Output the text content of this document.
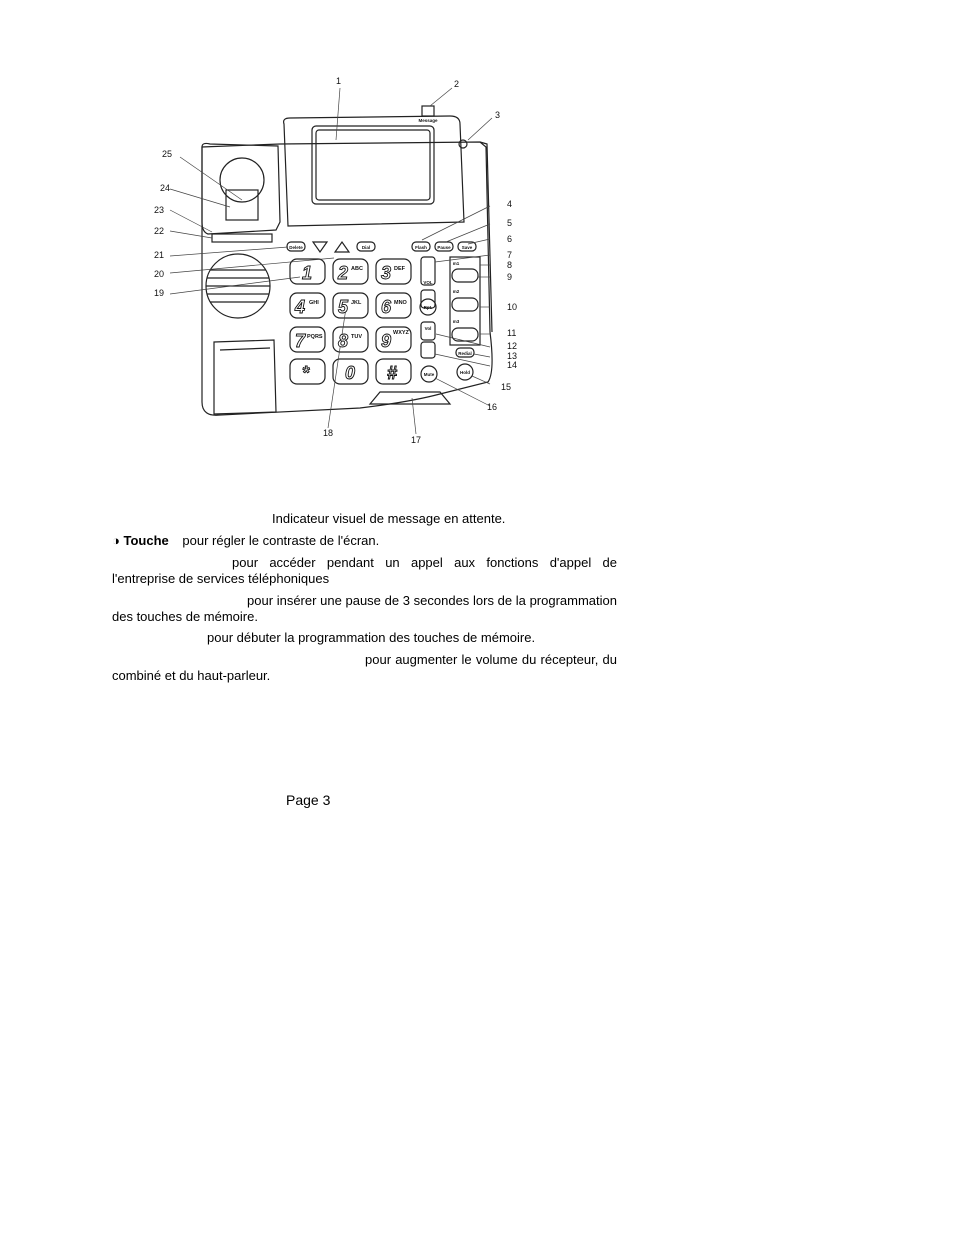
1	2
3
4
5
6
7
8
9
10
11
12
13
14
15
16
17
18
19
20
21
22
23
24
25
Message
Delete	Dial	Flash Pause Save
m1
m2
m3
VOL
Rpt.
Vol
Redial
Mute	Hold
1 2 3
4 5 6
7 8 9
* 0 #
ABC	DEF
GHI	JKL	MNO
PQRS	TUV
WXYZ
Indicateur visuel de message en attente.
◑ Touche pour régler le contraste de l'écran.
pour accéder pendant un appel aux fonctions d'appel de l'entreprise de services téléphoniques
pour insérer une pause de 3 secondes lors de la programmation des touches de mémoire.
pour débuter la programmation des touches de mémoire.
pour augmenter le volume du récepteur, du combiné et du haut-parleur.
Page 3
